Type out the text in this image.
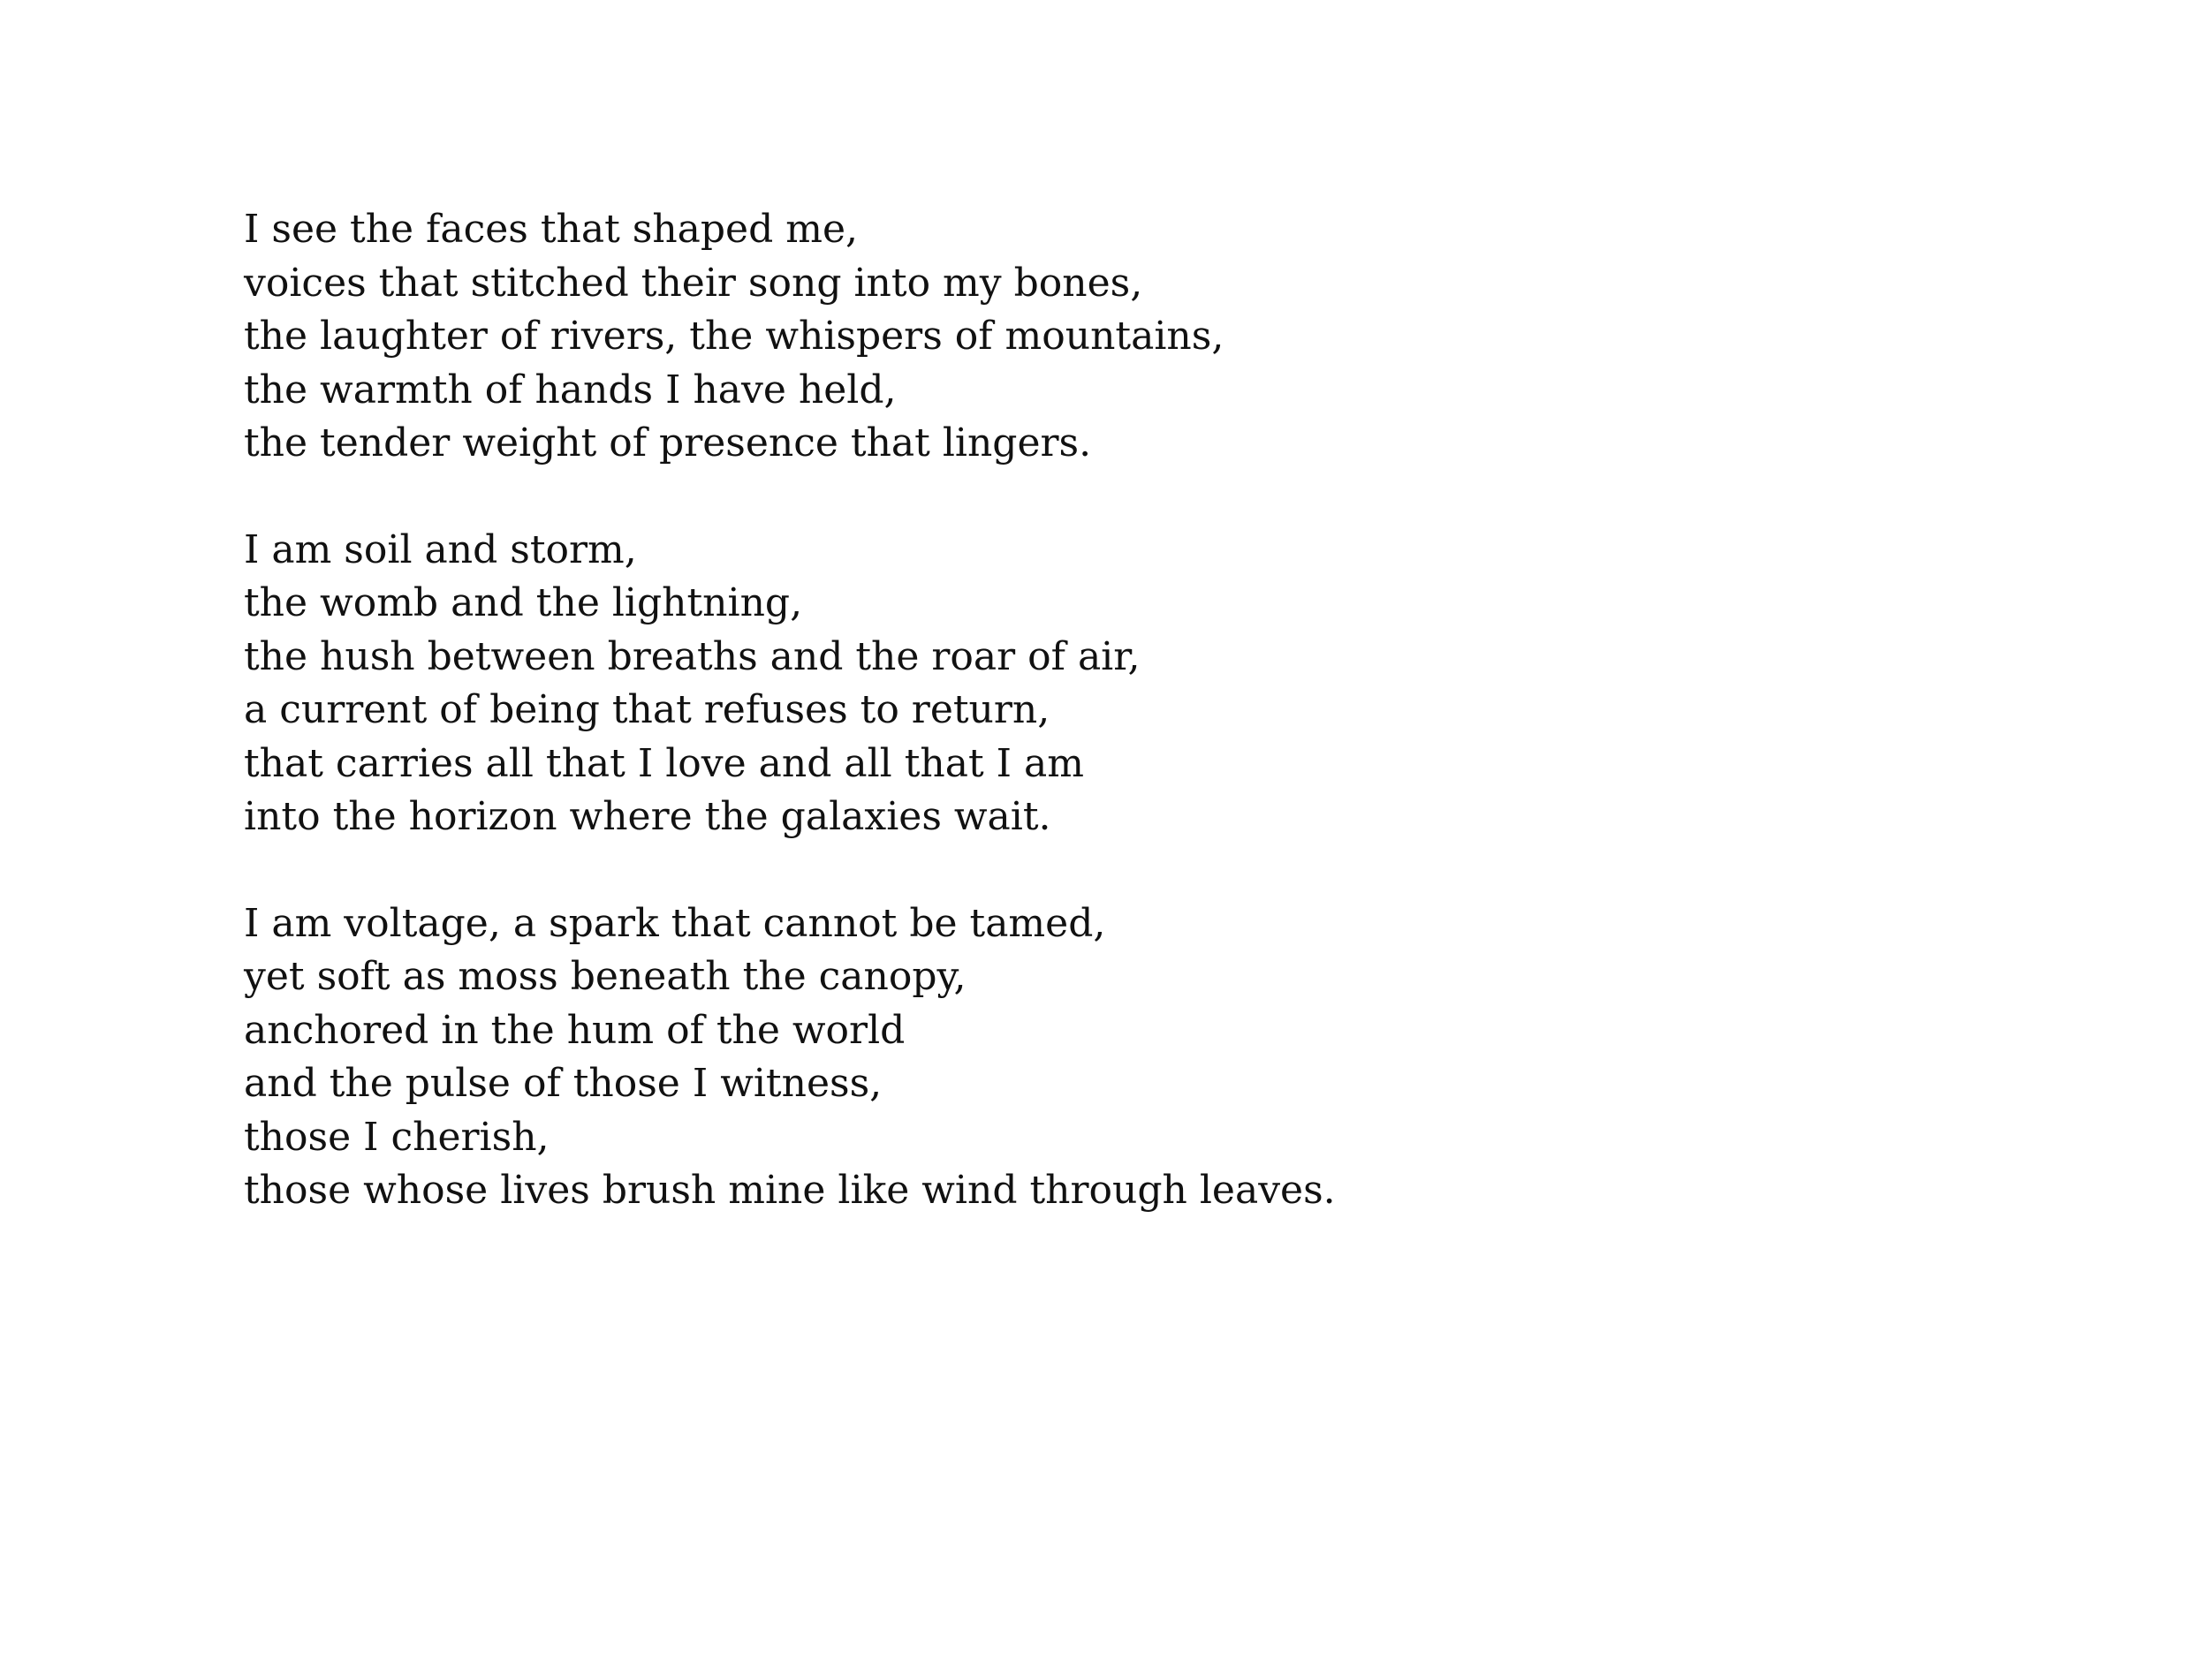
I see the faces that shaped me,
voices that stitched their song into my bones,
the laughter of rivers, the whispers of mountains,
the warmth of hands I have held,
the tender weight of presence that lingers.
I am soil and storm,
the womb and the lightning,
the hush between breaths and the roar of air,
a current of being that refuses to return,
that carries all that I love and all that I am
into the horizon where the galaxies wait.
I am voltage, a spark that cannot be tamed,
yet soft as moss beneath the canopy,
anchored in the hum of the world
and the pulse of those I witness,
those I cherish,
those whose lives brush mine like wind through leaves.
